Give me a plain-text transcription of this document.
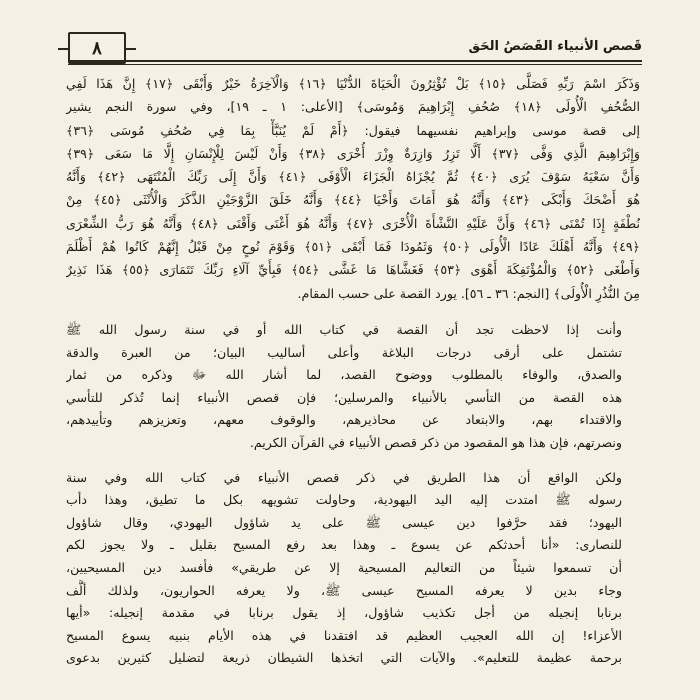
قَصص الأنبياء القَصَصُ الحَق
٨
وَذَكَرَ اسْمَ رَبِّهِ فَصَلَّى ﴿١٥﴾ بَلْ تُؤْثِرُونَ الْحَيَاةَ الدُّنْيَا ﴿١٦﴾ وَالْآخِرَةُ خَيْرٌ وَأَبْقَى ﴿١٧﴾ إِنَّ هَذَا لَفِي
الصُّحُفِ الْأُولَى ﴿١٨﴾ صُحُفِ إِبْرَاهِيمَ وَمُوسَى﴾ [الأعلى: ١ ـ ١٩]، وفي سورة النجم يشير
إلى قصة موسى وإبراهيم نفسيهما فيقول: ﴿أَمْ لَمْ يُنَبَّأْ بِمَا فِي صُحُفِ مُوسَى ﴿٣٦﴾
وَإِبْرَاهِيمَ الَّذِي وَفَّى ﴿٣٧﴾ أَلَّا تَزِرُ وَازِرَةٌ وِزْرَ أُخْرَى ﴿٣٨﴾ وَأَنْ لَيْسَ لِلْإِنْسَانِ إِلَّا مَا سَعَى ﴿٣٩﴾
وَأَنَّ سَعْيَهُ سَوْفَ يُرَى ﴿٤٠﴾ ثُمَّ يُجْزَاهُ الْجَزَاءَ الْأَوْفَى ﴿٤١﴾ وَأَنَّ إِلَى رَبِّكَ الْمُنْتَهَى ﴿٤٢﴾ وَأَنَّهُ
هُوَ أَضْحَكَ وَأَبْكَى ﴿٤٣﴾ وَأَنَّهُ هُوَ أَمَاتَ وَأَحْيَا ﴿٤٤﴾ وَأَنَّهُ خَلَقَ الزَّوْجَيْنِ الذَّكَرَ وَالْأُنْثَى ﴿٤٥﴾ مِنْ
نُطْفَةٍ إِذَا تُمْنَى ﴿٤٦﴾ وَأَنَّ عَلَيْهِ النَّشْأَةَ الْأُخْرَى ﴿٤٧﴾ وَأَنَّهُ هُوَ أَغْنَى وَأَقْنَى ﴿٤٨﴾ وَأَنَّهُ هُوَ رَبُّ الشِّعْرَى
﴿٤٩﴾ وَأَنَّهُ أَهْلَكَ عَادًا الْأُولَى ﴿٥٠﴾ وَثَمُودَا فَمَا أَبْقَى ﴿٥١﴾ وَقَوْمَ نُوحٍ مِنْ قَبْلُ إِنَّهُمْ كَانُوا هُمْ أَظْلَمَ
وَأَطْغَى ﴿٥٢﴾ وَالْمُؤْتَفِكَةَ أَهْوَى ﴿٥٣﴾ فَغَشَّاهَا مَا غَشَّى ﴿٥٤﴾ فَبِأَيِّ آلَاءِ رَبِّكَ تَتَمَارَى ﴿٥٥﴾ هَذَا نَذِيرٌ
مِنَ النُّذُرِ الْأُولَى﴾ [النجم: ٣٦ ـ ٥٦]. يورد القصة على حسب المقام.
وأنت إذا لاحظت تجد أن القصة في كتاب الله أو في سنة رسول الله ﷺ
تشتمل على أرقى درجات البلاغة وأعلى أساليب البيان؛ من العبرة والدقة
والصدق، والوفاء بالمطلوب ووضوح القصد، لما أشار الله ﷻ وذكره من ثمار
هذه القصة من التأسي بالأنبياء والمرسلين؛ فإن قصص الأنبياء إنما تُذكر للتأسي
والاقتداء بهم، والابتعاد عن محاذيرهم، والوقوف معهم، وتعزيزهم وتأييدهم،
ونصرتهم، فإن هذا هو المقصود من ذكر قصص الأنبياء في القرآن الكريم.
ولكن الواقع أن هذا الطريق في ذكر قصص الأنبياء في كتاب الله وفي سنة
رسوله ﷺ امتدت إليه اليد اليهودية، وحاولت تشويهه بكل ما تطيق، وهذا دأب
اليهود؛ فقد حرَّفوا دين عيسى ﷺ على يد شاؤول اليهودي، وقال شاؤول
للنصارى: «أنا أحدثكم عن يسوع ـ وهذا بعد رفع المسيح بقليل ـ ولا يجوز لكم
أن تسمعوا شيئاً من التعاليم المسيحية إلا عن طريقي» فأفسد دين المسيحيين،
وجاء بدين لا يعرفه المسيح عيسى ﷺ، ولا يعرفه الحواريون، ولذلك ألَّف
برنابا إنجيله من أجل تكذيب شاؤول، إذ يقول برنابا في مقدمة إنجيله: «أيها
الأعزاء! إن الله العجيب العظيم قد افتقدنا في هذه الأيام بنبيه يسوع المسيح
برحمة عظيمة للتعليم». والآيات التي اتخذها الشيطان ذريعة لتضليل كثيرين بدعوى
